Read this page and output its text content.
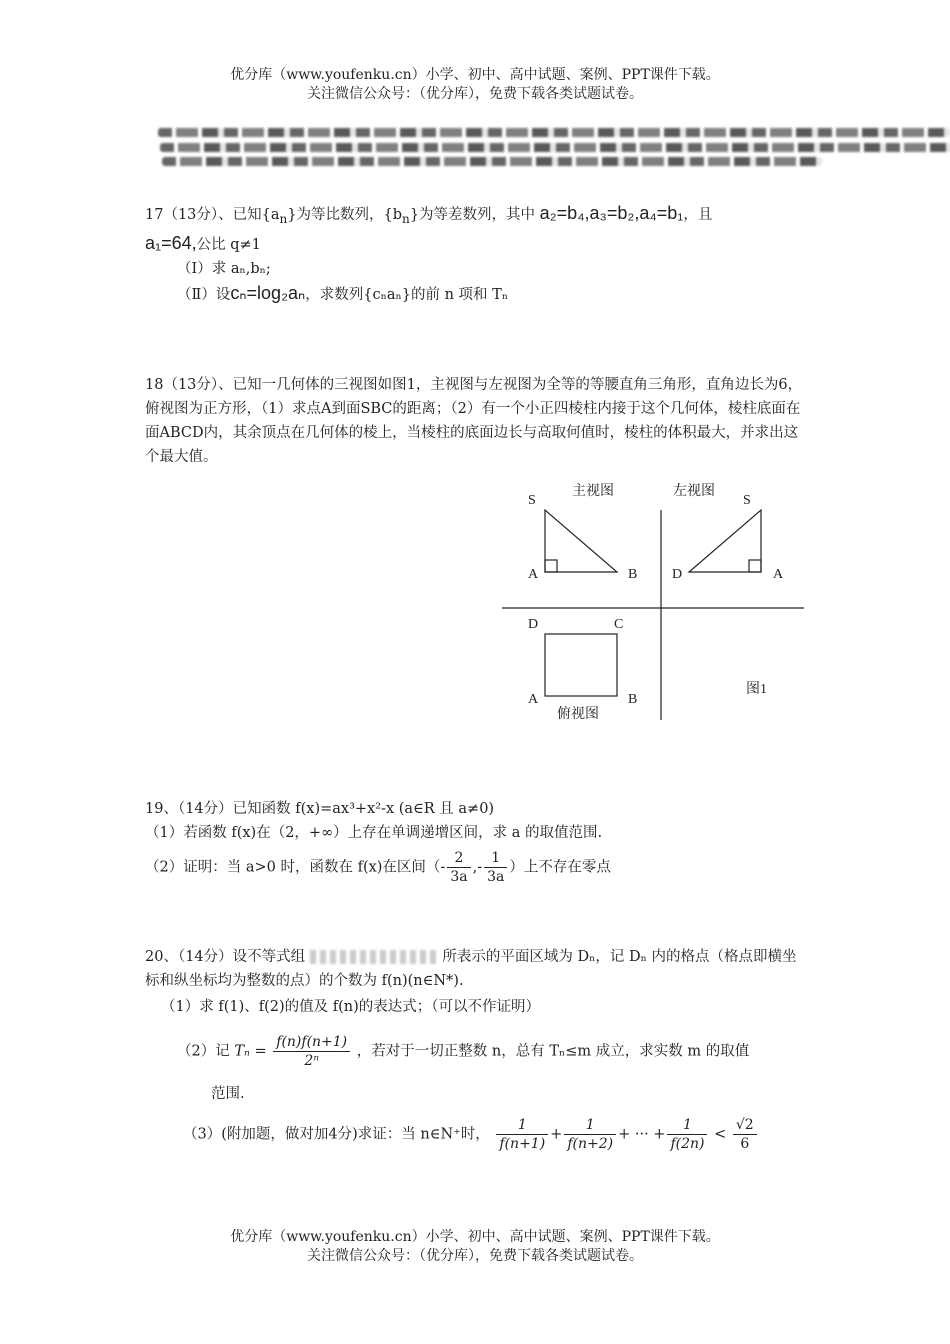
优分库（www.youfenku.cn）小学、初中、高中试题、案例、PPT课件下载。
关注微信公众号：（优分库），免费下载各类试题试卷。
17（13分）、已知$\{a_n\}$为等比数列，$\{b_n\}$为等差数列，其中 a₂=b₄,a₃=b₂,a₄=b₁，且
a₁=64,公比 q≠1
（Ⅰ）求 aₙ,bₙ;
（Ⅱ）设cₙ=log₂aₙ，求数列{cₙaₙ}的前 n 项和 Tₙ
18（13分）、已知一几何体的三视图如图1，主视图与左视图为全等的等腰直角三角形，直角边长为6，俯视图为正方形，（1）求点A到面SBC的距离；（2）有一个小正四棱柱内接于这个几何体，棱柱底面在面ABCD内，其余顶点在几何体的棱上，当棱柱的底面边长与高取何值时，棱柱的体积最大，并求出这个最大值。
主视图	左视图
S	S
A	B D	A
D	C
A	B
俯视图
图1
19、（14分）已知函数 f(x)=ax³+x²-x (a∈R 且 a≠0)
（1）若函数 f(x)在（2，+∞）上存在单调递增区间，求 a 的取值范围.
（2）证明：当 a>0 时，函数在 f(x)在区间（- $\frac{2}{3a}$ ,- $\frac{1}{3a}$ ）上不存在零点
20、（14分）设不等式组	所表示的平面区域为 Dₙ，记 Dₙ 内的格点（格点即横坐标和纵坐标均为整数的点）的个数为 f(n)(n∈N*).
（1）求 f(1)、f(2)的值及 f(n)的表达式；（可以不作证明）
（2）记 $T_n = \frac{f(n)f(n+1)}{\text{2ⁿ}}$ ，若对于一切正整数 n，总有 Tₙ≤m 成立，求实数 m 的取值
范围.
（3）(附加题，做对加4分)求证：当 n∈N⁺时， $\frac{1}{f(n+1)} + \frac{1}{f(n+2)}$ + ··· + $\frac{1}{f(2n)} < \frac{√2}{6}$
优分库（www.youfenku.cn）小学、初中、高中试题、案例、PPT课件下载。
关注微信公众号：（优分库），免费下载各类试题试卷。
